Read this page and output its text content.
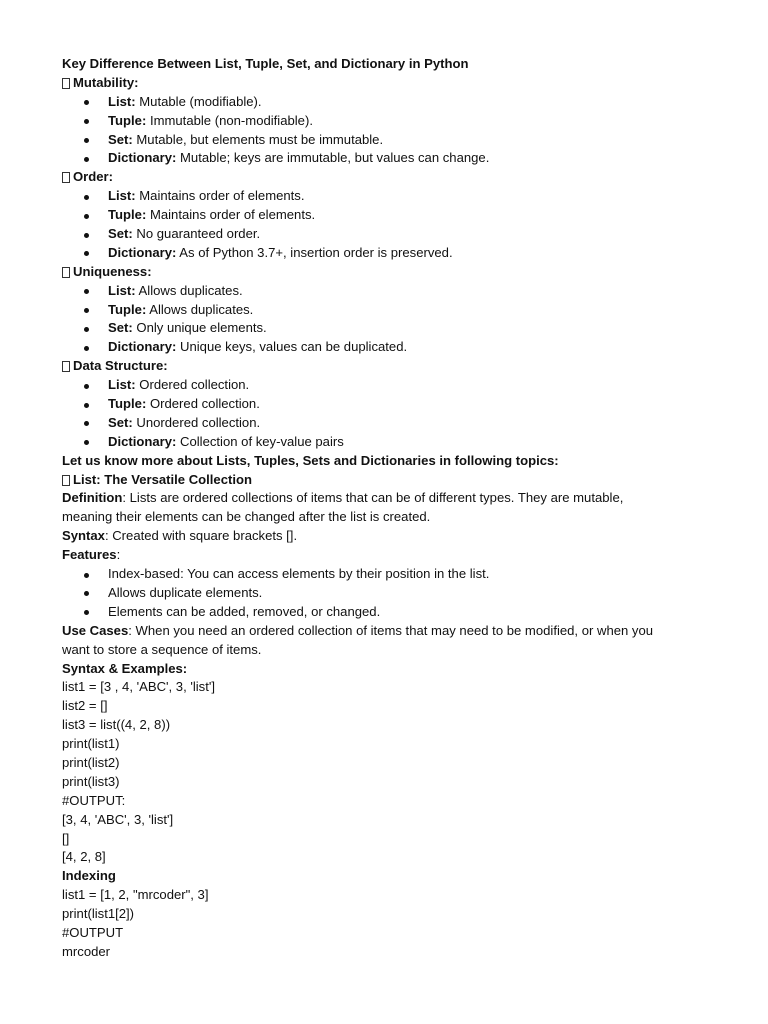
Key Difference Between List, Tuple, Set, and Dictionary in Python
Mutability:
List: Mutable (modifiable).
Tuple: Immutable (non-modifiable).
Set: Mutable, but elements must be immutable.
Dictionary: Mutable; keys are immutable, but values can change.
Order:
List: Maintains order of elements.
Tuple: Maintains order of elements.
Set: No guaranteed order.
Dictionary: As of Python 3.7+, insertion order is preserved.
Uniqueness:
List: Allows duplicates.
Tuple: Allows duplicates.
Set: Only unique elements.
Dictionary: Unique keys, values can be duplicated.
Data Structure:
List: Ordered collection.
Tuple: Ordered collection.
Set: Unordered collection.
Dictionary: Collection of key-value pairs
Let us know more about Lists, Tuples, Sets and Dictionaries in following topics:
List: The Versatile Collection
Definition: Lists are ordered collections of items that can be of different types. They are mutable,
meaning their elements can be changed after the list is created.
Syntax: Created with square brackets [].
Features:
Index-based: You can access elements by their position in the list.
Allows duplicate elements.
Elements can be added, removed, or changed.
Use Cases: When you need an ordered collection of items that may need to be modified, or when you
want to store a sequence of items.
Syntax & Examples:
list1 = [3 , 4, 'ABC', 3, 'list']
list2 = []
list3 = list((4, 2, 8))
print(list1)
print(list2)
print(list3)
#OUTPUT:
[3, 4, 'ABC', 3, 'list']
[]
[4, 2, 8]
Indexing
list1 = [1, 2, "mrcoder", 3]
print(list1[2])
#OUTPUT
mrcoder
